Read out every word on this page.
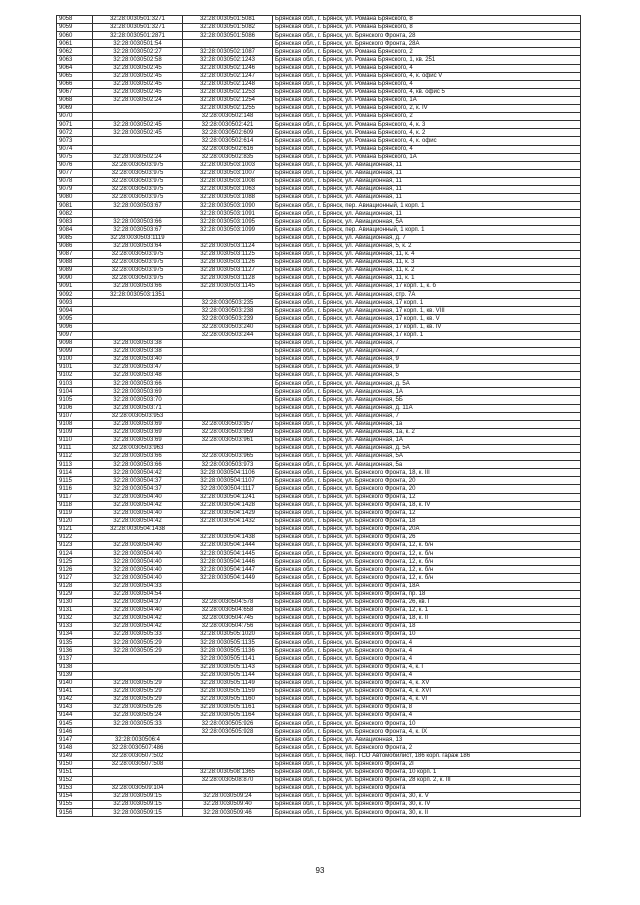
9058	32:28:0030501:3271	32:28:0030501:5081	Брянская обл., г. Брянск, ул. Романа Брянского, 8
9059	32:28:0030501:3271	32:28:0030501:5082	Брянская обл., г. Брянск, ул. Романа Брянского, 8
9060	32:28:0030501:2871	32:28:0030501:5086	Брянская обл., г. Брянск, ул. Брянского Фронта, 28
9061	32:28:0030501:54		Брянская обл., г. Брянск, ул. Брянского Фронта, 28А
9062	32:28:0030502:27	32:28:0030502:1087	Брянская обл., г. Брянск, ул. Романа Брянского, 2
9063	32:28:0030502:58	32:28:0030502:1243	Брянская обл., г. Брянск, ул. Романа Брянского, 1, кв. 251
9064	32:28:0030502:45	32:28:0030502:1246	Брянская обл., г. Брянск, ул. Романа Брянского, 4
9065	32:28:0030502:45	32:28:0030502:1247	Брянская обл., г. Брянск, ул. Романа Брянского, 4, к. офис V
9066	32:28:0030502:45	32:28:0030502:1248	Брянская обл., г. Брянск, ул. Романа Брянского, 4
9067	32:28:0030502:45	32:28:0030502:1253	Брянская обл., г. Брянск, ул. Романа Брянского, 4, кв. офис 5
9068	32:28:0030502:24	32:28:0030502:1254	Брянская обл., г. Брянск, ул. Романа Брянского, 1А
9069		32:28:0030502:1255	Брянская обл., г. Брянск, ул. Романа Брянского, 2, к. IV
9070		32:28:0030502:148	Брянская обл., г. Брянск, ул. Романа Брянского, 2
9071	32:28:0030502:45	32:28:0030502:421	Брянская обл., г. Брянск, ул. Романа Брянского, 4, к. 3
9072	32:28:0030502:45	32:28:0030502:609	Брянская обл., г. Брянск, ул. Романа Брянского, 4, к. 2
9073		32:28:0030502:614	Брянская обл., г. Брянск, ул. Романа Брянского, 4, к. офис
9074		32:28:0030502:616	Брянская обл., г. Брянск, ул. Романа Брянского, 4
9075	32:28:0030502:24	32:28:0030502:835	Брянская обл., г. Брянск, ул. Романа Брянского, 1А
9076	32:28:0030503:975	32:28:0030503:1003	Брянская обл., г. Брянск, ул. Авиационная, 11
9077	32:28:0030503:975	32:28:0030503:1007	Брянская обл., г. Брянск, ул. Авиационная, 11
9078	32:28:0030503:975	32:28:0030503:1008	Брянская обл., г. Брянск, ул. Авиационная, 11
9079	32:28:0030503:975	32:28:0030503:1063	Брянская обл., г. Брянск, ул. Авиационная, 11
9080	32:28:0030503:975	32:28:0030503:1088	Брянская обл., г. Брянск, ул. Авиационная, 11
9081	32:28:0030503:67	32:28:0030503:1090	Брянская обл., г. Брянск, пер. Авиационный, 1 корп. 1
9082		32:28:0030503:1091	Брянская обл., г. Брянск, ул. Авиационная, 11
9083	32:28:0030503:66	32:28:0030503:1095	Брянская обл., г. Брянск, ул. Авиационная, 5А
9084	32:28:0030503:67	32:28:0030503:1099	Брянская обл., г. Брянск, пер. Авиационный, 1 корп. 1
9085	32:28:0030503:1119		Брянская обл., г. Брянск, ул. Авиационная, д. 7
9086	32:28:0030503:64	32:28:0030503:1124	Брянская обл., г. Брянск, ул. Авиационная, 5, к. 2
9087	32:28:0030503:975	32:28:0030503:1125	Брянская обл., г. Брянск, ул. Авиационная, 11, к. 4
9088	32:28:0030503:975	32:28:0030503:1126	Брянская обл., г. Брянск, ул. Авиационная, 11, к. 3
9089	32:28:0030503:975	32:28:0030503:1127	Брянская обл., г. Брянск, ул. Авиационная, 11, к. 2
9090	32:28:0030503:975	32:28:0030503:1128	Брянская обл., г. Брянск, ул. Авиационная, 11, к. 1
9091	32:28:0030503:66	32:28:0030503:1145	Брянская обл., г. Брянск, ул. Авиационная, 17 корп. 1, к. б
9092	32:28:0030503:1351		Брянская обл., г. Брянск, ул. Авиационная, стр. 7А
9093		32:28:0030503:235	Брянская обл., г. Брянск, ул. Авиационная, 17 корп. 1
9094		32:28:0030503:238	Брянская обл., г. Брянск, ул. Авиационная, 17 корп. 1, кв. VIII
9095		32:28:0030503:239	Брянская обл., г. Брянск, ул. Авиационная, 17 корп. 1, кв. V
9096		32:28:0030503:240	Брянская обл., г. Брянск, ул. Авиационная, 17 корп. 1, кв. IV
9097		32:28:0030503:244	Брянская обл., г. Брянск, ул. Авиационная, 17 корп. 1
9098	32:28:0030503:38		Брянская обл., г. Брянск, ул. Авиационная, 7
9099	32:28:0030503:38		Брянская обл., г. Брянск, ул. Авиационная, 7
9100	32:28:0030503:40		Брянская обл., г. Брянск, ул. Авиационная, 9
9101	32:28:0030503:47		Брянская обл., г. Брянск, ул. Авиационная, 9
9102	32:28:0030503:48		Брянская обл., г. Брянск, ул. Авиационная, 5
9103	32:28:0030503:66		Брянская обл., г. Брянск, ул. Авиационная, д. 5А
9104	32:28:0030503:69		Брянская обл., г. Брянск, ул. Авиационная, 1А
9105	32:28:0030503:70		Брянская обл., г. Брянск, ул. Авиационная, 5Б
9106	32:28:0030503:71		Брянская обл., г. Брянск, ул. Авиационная, д. 11А
9107	32:28:0030503:953		Брянская обл., г. Брянск, ул. Авиационная, 7
9108	32:28:0030503:69	32:28:0030503:957	Брянская обл., г. Брянск, ул. Авиационная, 1а
9109	32:28:0030503:69	32:28:0030503:959	Брянская обл., г. Брянск, ул. Авиационная, 1а, к. 2
9110	32:28:0030503:69	32:28:0030503:961	Брянская обл., г. Брянск, ул. Авиационная, 1А
9111	32:28:0030503:963		Брянская обл., г. Брянск, ул. Авиационная, д. 5А
9112	32:28:0030503:66	32:28:0030503:965	Брянская обл., г. Брянск, ул. Авиационная, 5А
9113	32:28:0030503:66	32:28:0030503:973	Брянская обл., г. Брянск, ул. Авиационная, 5а
9114	32:28:0030504:42	32:28:0030504:1106	Брянская обл., г. Брянск, ул. Брянского Фронта, 18, к. III
9115	32:28:0030504:37	32:28:0030504:1107	Брянская обл., г. Брянск, ул. Брянского Фронта, 20
9116	32:28:0030504:37	32:28:0030504:1117	Брянская обл., г. Брянск, ул. Брянского Фронта, 20
9117	32:28:0030504:40	32:28:0030504:1241	Брянская обл., г. Брянск, ул. Брянского Фронта, 12
9118	32:28:0030504:42	32:28:0030504:1428	Брянская обл., г. Брянск, ул. Брянского Фронта, 18, к. IV
9119	32:28:0030504:40	32:28:0030504:1429	Брянская обл., г. Брянск, ул. Брянского Фронта, 12
9120	32:28:0030504:42	32:28:0030504:1432	Брянская обл., г. Брянск, ул. Брянского Фронта, 18
9121	32:28:0030504:1438		Брянская обл., г. Брянск, ул. Брянского Фронта, 20А
9122		32:28:0030504:1438	Брянская обл., г. Брянск, ул. Брянского Фронта, 26
9123	32:28:0030504:40	32:28:0030504:1444	Брянская обл., г. Брянск, ул. Брянского Фронта, 12, к. б/н
9124	32:28:0030504:40	32:28:0030504:1445	Брянская обл., г. Брянск, ул. Брянского Фронта, 12, к. б/н
9125	32:28:0030504:40	32:28:0030504:1446	Брянская обл., г. Брянск, ул. Брянского Фронта, 12, к. б/н
9126	32:28:0030504:40	32:28:0030504:1447	Брянская обл., г. Брянск, ул. Брянского Фронта, 12, к. б/н
9127	32:28:0030504:40	32:28:0030504:1449	Брянская обл., г. Брянск, ул. Брянского Фронта, 12, к. б/н
9128	32:28:0030504:33		Брянская обл., г. Брянск, ул. Брянского Фронта, 18А
9129	32:28:0030504:54		Брянская обл., г. Брянск, ул. Брянского Фронта, пр. 18
9130	32:28:0030504:37	32:28:0030504:578	Брянская обл., г. Брянск, ул. Брянского Фронта, 26, кв. I
9131	32:28:0030504:40	32:28:0030504:658	Брянская обл., г. Брянск, ул. Брянского Фронта, 12, к. 1
9132	32:28:0030504:42	32:28:0030504:745	Брянская обл., г. Брянск, ул. Брянского Фронта, 18, к. II
9133	32:28:0030504:42	32:28:0030504:756	Брянская обл., г. Брянск, ул. Брянского Фронта, 18
9134	32:28:0030505:33	32:28:0030505:1020	Брянская обл., г. Брянск, ул. Брянского Фронта, 10
9135	32:28:0030505:29	32:28:0030505:1135	Брянская обл., г. Брянск, ул. Брянского Фронта, 4
9136	32:28:0030505:29	32:28:0030505:1136	Брянская обл., г. Брянск, ул. Брянского Фронта, 4
9137		32:28:0030505:1141	Брянская обл., г. Брянск, ул. Брянского Фронта, 4
9138		32:28:0030505:1143	Брянская обл., г. Брянск, ул. Брянского Фронта, 4, к. I
9139		32:28:0030505:1144	Брянская обл., г. Брянск, ул. Брянского Фронта, 4
9140	32:28:0030505:29	32:28:0030505:1149	Брянская обл., г. Брянск, ул. Брянского Фронта, 4, к. XV
9141	32:28:0030505:29	32:28:0030505:1159	Брянская обл., г. Брянск, ул. Брянского Фронта, 4, к. XVI
9142	32:28:0030505:29	32:28:0030505:1160	Брянская обл., г. Брянск, ул. Брянского Фронта, 4, к. VI
9143	32:28:0030505:26	32:28:0030505:1161	Брянская обл., г. Брянск, ул. Брянского Фронта, 8
9144	32:28:0030505:24	32:28:0030505:1164	Брянская обл., г. Брянск, ул. Брянского Фронта, 4
9145	32:28:0030505:33	32:28:0030505:926	Брянская обл., г. Брянск, ул. Брянского Фронта, 10
9146		32:28:0030505:928	Брянская обл., г. Брянск, ул. Брянского Фронта, 4, к. IX
9147	32:28:0030506:4		Брянская обл., г. Брянск, ул. Авиационная, 13
9148	32:28:0030507:486		Брянская обл., г. Брянск, ул. Брянского Фронта, 2
9149	32:28:0030507:502		Брянская обл., г. Брянск, пер. ГСО Автомобилист, 186 корп. гараж 186
9150	32:28:0030507:508		Брянская обл., г. Брянск, ул. Брянского Фронта, 2Г
9151		32:28:0030508:1365	Брянская обл., г. Брянск, ул. Брянского Фронта, 10 корп. 1
9152		32:28:0030508:870	Брянская обл., г. Брянск, ул. Брянского Фронта, 28 корп. 2, к. III
9153	32:28:0030509:104		Брянская обл., г. Брянск, ул. Брянского Фронта
9154	32:28:0030509:15	32:28:0030509:24	Брянская обл., г. Брянск, ул. Брянского Фронта, 30, к. V
9155	32:28:0030509:15	32:28:0030509:40	Брянская обл., г. Брянск, ул. Брянского Фронта, 30, к. IV
9156	32:28:0030509:15	32:28:0030509:46	Брянская обл., г. Брянск, ул. Брянского Фронта, 30, к. II
93
